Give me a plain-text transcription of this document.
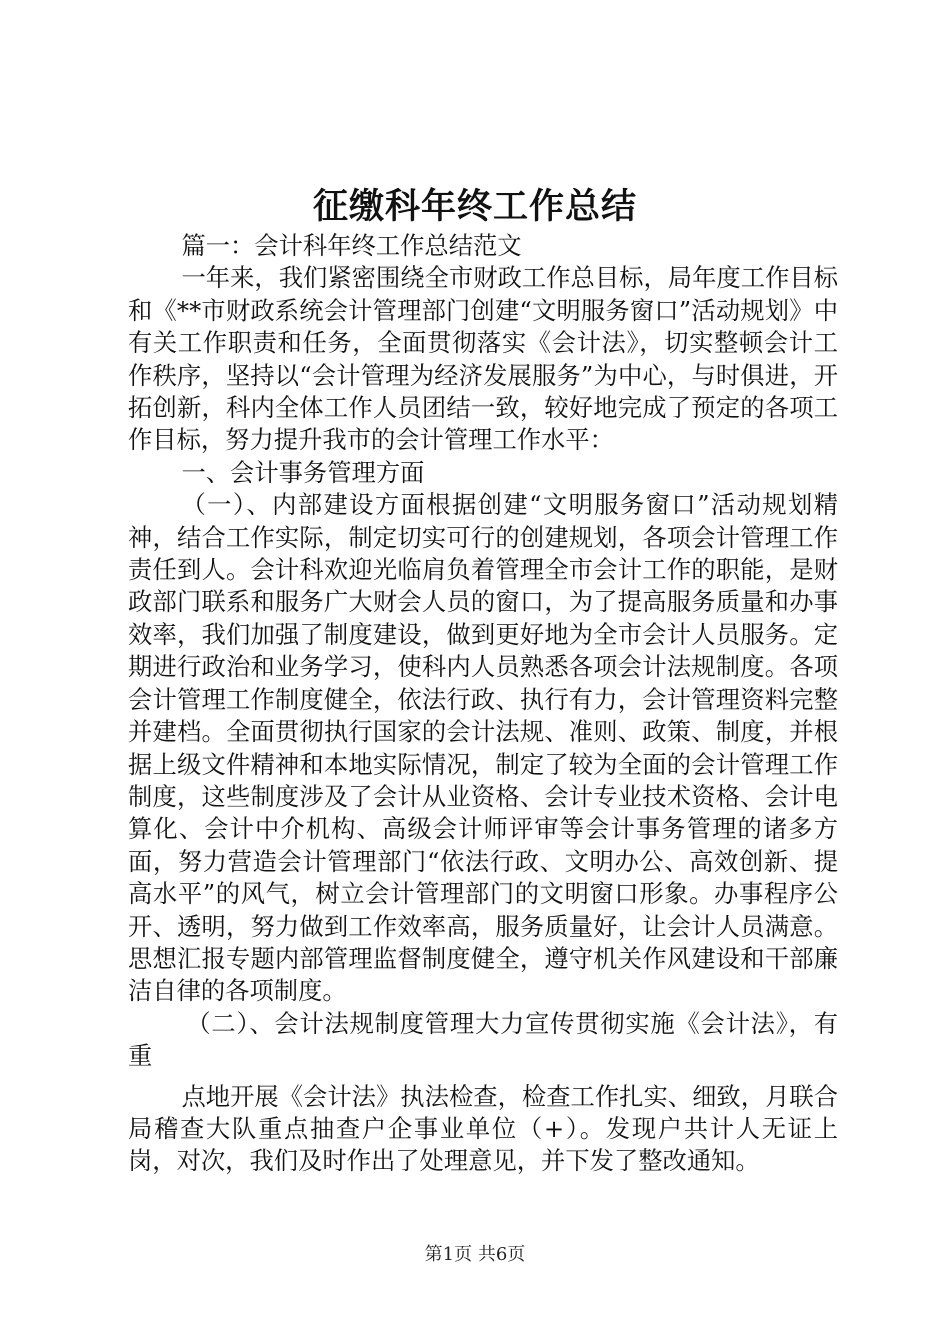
征缴科年终工作总结

篇一：会计科年终工作总结范文

一年来，我们紧密围绕全市财政工作总目标，局年度工作目标和《**市财政系统会计管理部门创建“文明服务窗口”活动规划》中有关工作职责和任务，全面贯彻落实《会计法》，切实整顿会计工作秩序，坚持以“会计管理为经济发展服务”为中心，与时俱进，开拓创新，科内全体工作人员团结一致，较好地完成了预定的各项工作目标，努力提升我市的会计管理工作水平：

一、会计事务管理方面

（一）、内部建设方面根据创建“文明服务窗口”活动规划精神，结合工作实际，制定切实可行的创建规划，各项会计管理工作责任到人。会计科欢迎光临肩负着管理全市会计工作的职能，是财政部门联系和服务广大财会人员的窗口，为了提高服务质量和办事效率，我们加强了制度建设，做到更好地为全市会计人员服务。定期进行政治和业务学习，使科内人员熟悉各项会计法规制度。各项会计管理工作制度健全，依法行政、执行有力，会计管理资料完整并建档。全面贯彻执行国家的会计法规、准则、政策、制度，并根据上级文件精神和本地实际情况，制定了较为全面的会计管理工作制度，这些制度涉及了会计从业资格、会计专业技术资格、会计电算化、会计中介机构、高级会计师评审等会计事务管理的诸多方面，努力营造会计管理部门“依法行政、文明办公、高效创新、提高水平”的风气，树立会计管理部门的文明窗口形象。办事程序公开、透明，努力做到工作效率高，服务质量好，让会计人员满意。思想汇报专题内部管理监督制度健全，遵守机关作风建设和干部廉洁自律的各项制度。

（二）、会计法规制度管理大力宣传贯彻实施《会计法》，有重

点地开展《会计法》执法检查，检查工作扎实、细致，月联合局稽查大队重点抽查户企事业单位（+）。发现户共计人无证上岗，对次，我们及时作出了处理意见，并下发了整改通知。

第1页 共6页
